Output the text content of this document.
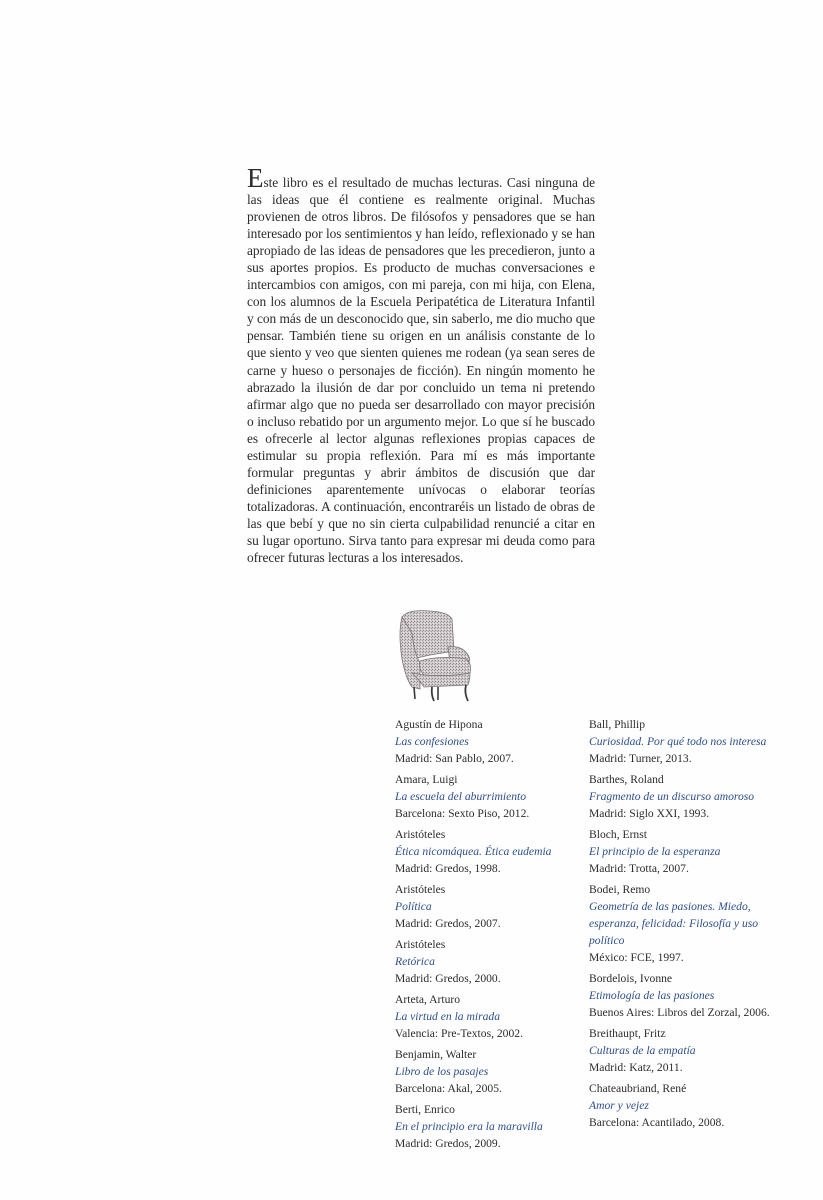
Este libro es el resultado de muchas lecturas. Casi ninguna de las ideas que él contiene es realmente original. Muchas provienen de otros libros. De filósofos y pensadores que se han interesado por los sentimientos y han leído, reflexionado y se han apropiado de las ideas de pensadores que les precedieron, junto a sus aportes propios. Es producto de muchas conversaciones e intercambios con amigos, con mi pareja, con mi hija, con Elena, con los alumnos de la Escuela Peripatética de Literatura Infantil y con más de un desconocido que, sin saberlo, me dio mucho que pensar. También tiene su origen en un análisis constante de lo que siento y veo que sienten quienes me rodean (ya sean seres de carne y hueso o personajes de ficción). En ningún momento he abrazado la ilusión de dar por concluido un tema ni pretendo afirmar algo que no pueda ser desarrollado con mayor precisión o incluso rebatido por un argumento mejor. Lo que sí he buscado es ofrecerle al lector algunas reflexiones propias capaces de estimular su propia reflexión. Para mí es más importante formular preguntas y abrir ámbitos de discusión que dar definiciones aparentemente unívocas o elaborar teorías totalizadoras. A continuación, encontraréis un listado de obras de las que bebí y que no sin cierta culpabilidad renuncié a citar en su lugar oportuno. Sirva tanto para expresar mi deuda como para ofrecer futuras lecturas a los interesados.

Agustín de Hipona
Las confesiones
Madrid: San Pablo, 2007.
Amara, Luigi
La escuela del aburrimiento
Barcelona: Sexto Piso, 2012.
Aristóteles
Ética nicomáquea. Ética eudemia
Madrid: Gredos, 1998.
Aristóteles
Política
Madrid: Gredos, 2007.
Aristóteles
Retórica
Madrid: Gredos, 2000.
Arteta, Arturo
La virtud en la mirada
Valencia: Pre-Textos, 2002.
Benjamin, Walter
Libro de los pasajes
Barcelona: Akal, 2005.
Berti, Enrico
En el principio era la maravilla
Madrid: Gredos, 2009.
Ball, Phillip
Curiosidad. Por qué todo nos interesa
Madrid: Turner, 2013.
Barthes, Roland
Fragmento de un discurso amoroso
Madrid: Siglo XXI, 1993.
Bloch, Ernst
El principio de la esperanza
Madrid: Trotta, 2007.
Bodei, Remo
Geometría de las pasiones. Miedo, esperanza, felicidad: Filosofía y uso político
México: FCE, 1997.
Bordelois, Ivonne
Etimología de las pasiones
Buenos Aires: Libros del Zorzal, 2006.
Breithaupt, Fritz
Culturas de la empatía
Madrid: Katz, 2011.
Chateaubriand, René
Amor y vejez
Barcelona: Acantilado, 2008.
